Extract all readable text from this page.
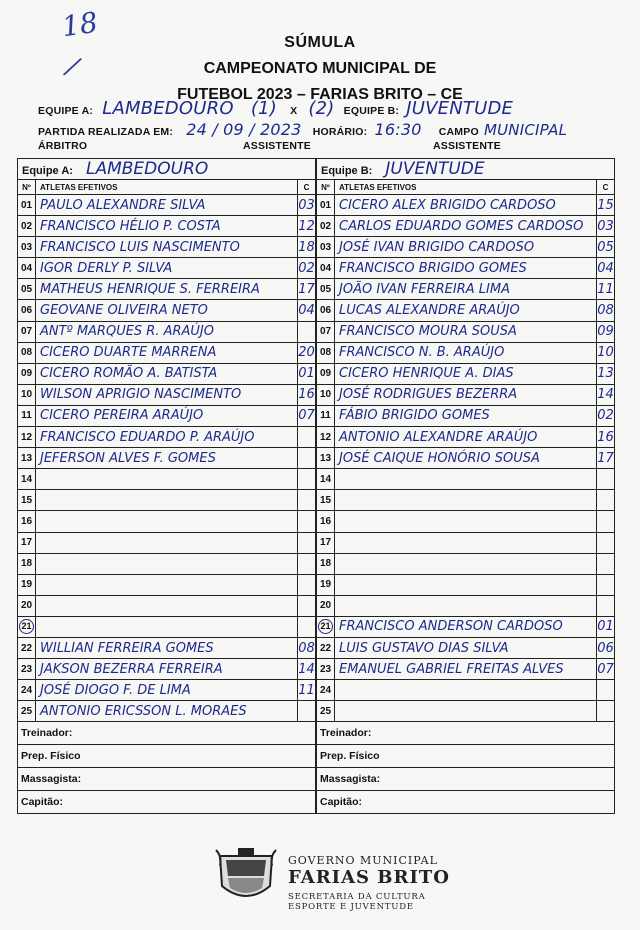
18
/
SÚMULA
CAMPEONATO MUNICIPAL DE
FUTEBOL 2023 – FARIAS BRITO – CE
EQUIPE A: LAMBEDOURO (1) X (2) EQUIPE B: JUVENTUDE
PARTIDA REALIZADA EM: 24 / 09 / 2023 HORÁRIO: 16:30 CAMPO MUNICIPAL
ÁRBITRO	ASSISTENTE	ASSISTENTE
Equipe A: LAMBEDOURO		
Nº	ATLETAS EFETIVOS	C
01	PAULO ALEXANDRE SILVA	03
02	FRANCISCO HÉLIO P. COSTA	12
03	FRANCISCO LUIS NASCIMENTO	18
04	IGOR DERLY P. SILVA	02
05	MATHEUS HENRIQUE S. FERREIRA	17
06	GEOVANE OLIVEIRA NETO	04
07	ANTº MARQUES R. ARAÚJO	
08	CICERO DUARTE MARRENA	20
09	CICERO ROMÃO A. BATISTA	01
10	WILSON APRIGIO NASCIMENTO	16
11	CICERO PEREIRA ARAÚJO	07
12	FRANCISCO EDUARDO P. ARAÚJO	
13	JEFERSON ALVES F. GOMES	
14		
15		
16		
17		
18		
19		
20		
21		
22	WILLIAN FERREIRA GOMES	08
23	JAKSON BEZERRA FERREIRA	14
24	JOSÉ DIOGO F. DE LIMA	11
25	ANTONIO ERICSSON L. MORAES	
Treinador:		
Prep. Físico		
Massagista:		
Capitão:		
Equipe B: JUVENTUDE		
Nº	ATLETAS EFETIVOS	C
01	CICERO ALEX BRIGIDO CARDOSO	15
02	CARLOS EDUARDO GOMES CARDOSO	03
03	JOSÉ IVAN BRIGIDO CARDOSO	05
04	FRANCISCO BRIGIDO GOMES	04
05	JOÃO IVAN FERREIRA LIMA	11
06	LUCAS ALEXANDRE ARAÚJO	08
07	FRANCISCO MOURA SOUSA	09
08	FRANCISCO N. B. ARAÚJO	10
09	CICERO HENRIQUE A. DIAS	13
10	JOSÉ RODRIGUES BEZERRA	14
11	FÁBIO BRIGIDO GOMES	02
12	ANTONIO ALEXANDRE ARAÚJO	16
13	JOSÉ CAIQUE HONÓRIO SOUSA	17
14		
15		
16		
17		
18		
19		
20		
21	FRANCISCO ANDERSON CARDOSO	01
22	LUIS GUSTAVO DIAS SILVA	06
23	EMANUEL GABRIEL FREITAS ALVES	07
24		
25		
Treinador:		
Prep. Físico		
Massagista:		
Capitão:		
GOVERNO MUNICIPAL
FARIAS BRITO
SECRETARIA DA CULTURA
ESPORTE E JUVENTUDE
